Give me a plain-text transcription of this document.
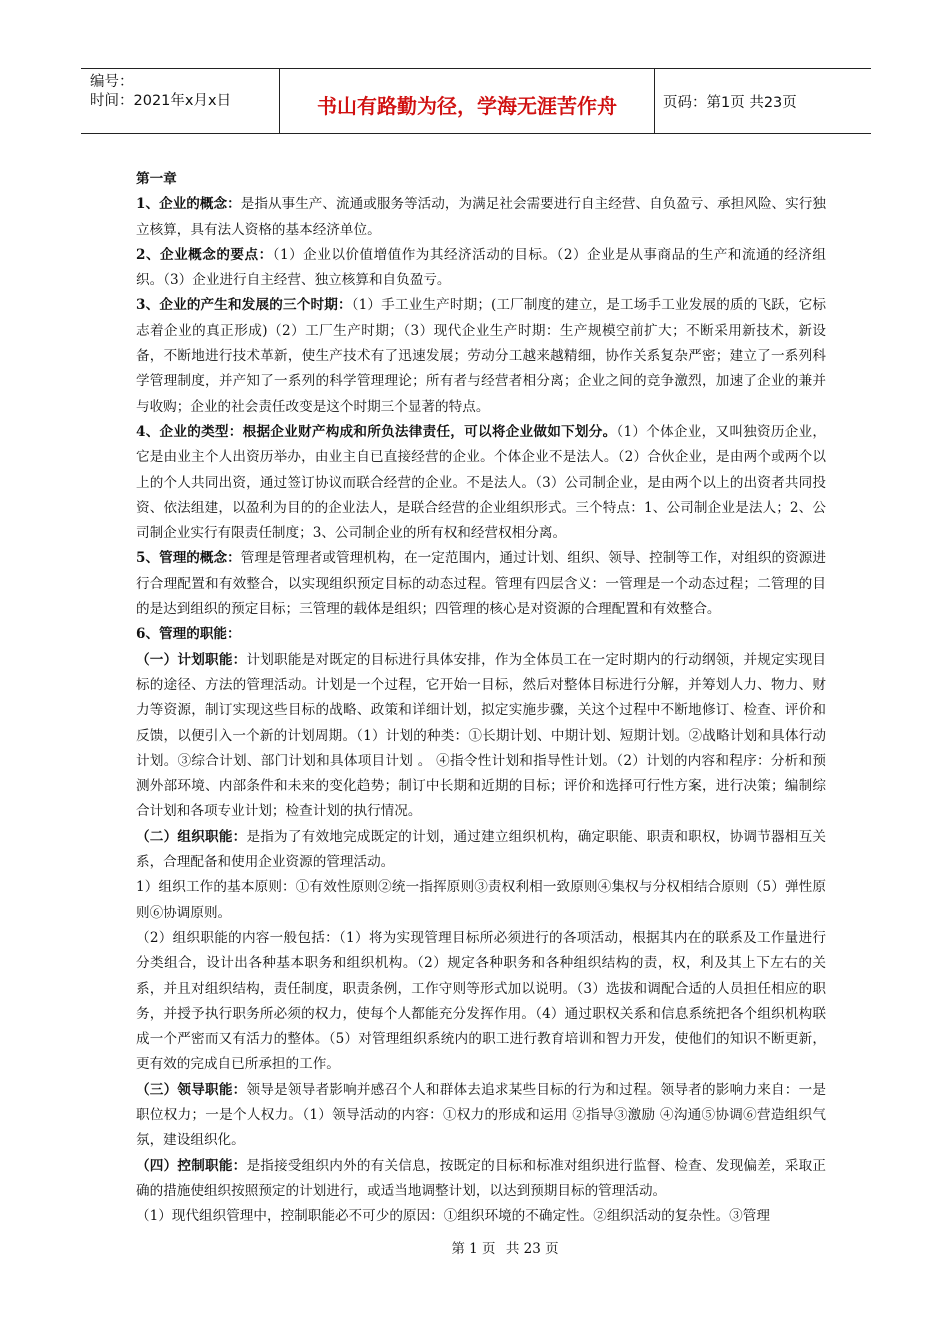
编号：
时间：2021年x月x日	书山有路勤为径，学海无涯苦作舟	页码：第1页 共23页

第一章

1、企业的概念：是指从事生产、流通或服务等活动，为满足社会需要进行自主经营、自负盈亏、承担风险、实行独立核算，具有法人资格的基本经济单位。

2、企业概念的要点：（1）企业以价值增值作为其经济活动的目标。（2）企业是从事商品的生产和流通的经济组织。（3）企业进行自主经营、独立核算和自负盈亏。

3、企业的产生和发展的三个时期：（1）手工业生产时期；(工厂制度的建立，是工场手工业发展的质的飞跃，它标志着企业的真正形成)（2）工厂生产时期；（3）现代企业生产时期：生产规模空前扩大；不断采用新技术，新设备，不断地进行技术革新，使生产技术有了迅速发展；劳动分工越来越精细，协作关系复杂严密；建立了一系列科学管理制度，并产知了一系列的科学管理理论；所有者与经营者相分离；企业之间的竞争激烈，加速了企业的兼并与收购；企业的社会责任改变是这个时期三个显著的特点。

4、企业的类型：根据企业财产构成和所负法律责任，可以将企业做如下划分。（1）个体企业，又叫独资历企业，它是由业主个人出资历举办，由业主自已直接经营的企业。个体企业不是法人。（2）合伙企业，是由两个或两个以上的个人共同出资，通过签订协议而联合经营的企业。不是法人。（3）公司制企业，是由两个以上的出资者共同投资、依法组建，以盈利为目的的企业法人，是联合经营的企业组织形式。三个特点：1、公司制企业是法人；2、公司制企业实行有限责任制度；3、公司制企业的所有权和经营权相分离。

5、管理的概念：管理是管理者或管理机构，在一定范围内，通过计划、组织、领导、控制等工作，对组织的资源进行合理配置和有效整合，以实现组织预定目标的动态过程。管理有四层含义：一管理是一个动态过程；二管理的目的是达到组织的预定目标；三管理的载体是组织；四管理的核心是对资源的合理配置和有效整合。

6、管理的职能：

（一）计划职能：计划职能是对既定的目标进行具体安排，作为全体员工在一定时期内的行动纲领，并规定实现目标的途径、方法的管理活动。计划是一个过程，它开始一目标，然后对整体目标进行分解，并筹划人力、物力、财力等资源，制订实现这些目标的战略、政策和详细计划，拟定实施步骤，关这个过程中不断地修订、检查、评价和反馈，以便引入一个新的计划周期。（1）计划的种类：①长期计划、中期计划、短期计划。②战略计划和具体行动计划。③综合计划、部门计划和具体项目计划 。 ④指令性计划和指导性计划。（2）计划的内容和程序：分析和预测外部环境、内部条件和未来的变化趋势；制订中长期和近期的目标；评价和选择可行性方案，进行决策；编制综合计划和各项专业计划；检查计划的执行情况。

（二）组织职能：是指为了有效地完成既定的计划，通过建立组织机构，确定职能、职责和职权，协调节器相互关系，合理配备和使用企业资源的管理活动。

1）组织工作的基本原则：①有效性原则②统一指挥原则③责权利相一致原则④集权与分权相结合原则（5）弹性原则⑥协调原则。

（2）组织职能的内容一般包括：（1）将为实现管理目标所必须进行的各项活动，根据其内在的联系及工作量进行分类组合，设计出各种基本职务和组织机构。（2）规定各种职务和各种组织结构的责，权，利及其上下左右的关系，并且对组织结构，责任制度，职责条例，工作守则等形式加以说明。（3）选拔和调配合适的人员担任相应的职务，并授予执行职务所必须的权力，使每个人都能充分发挥作用。（4）通过职权关系和信息系统把各个组织机构联成一个严密而又有活力的整体。（5）对管理组织系统内的职工进行教育培训和智力开发，使他们的知识不断更新，更有效的完成自已所承担的工作。

（三）领导职能：领导是领导者影响并感召个人和群体去追求某些目标的行为和过程。领导者的影响力来自：一是职位权力；一是个人权力。（1）领导活动的内容：①权力的形成和运用 ②指导③激励 ④沟通⑤协调⑥营造组织气氛，建设组织化。

（四）控制职能：是指接受组织内外的有关信息，按既定的目标和标准对组织进行监督、检查、发现偏差，采取正确的措施使组织按照预定的计划进行，或适当地调整计划，以达到预期目标的管理活动。

（1）现代组织管理中，控制职能必不可少的原因：①组织环境的不确定性。②组织活动的复杂性。③管理

第 1 页 共 23 页
